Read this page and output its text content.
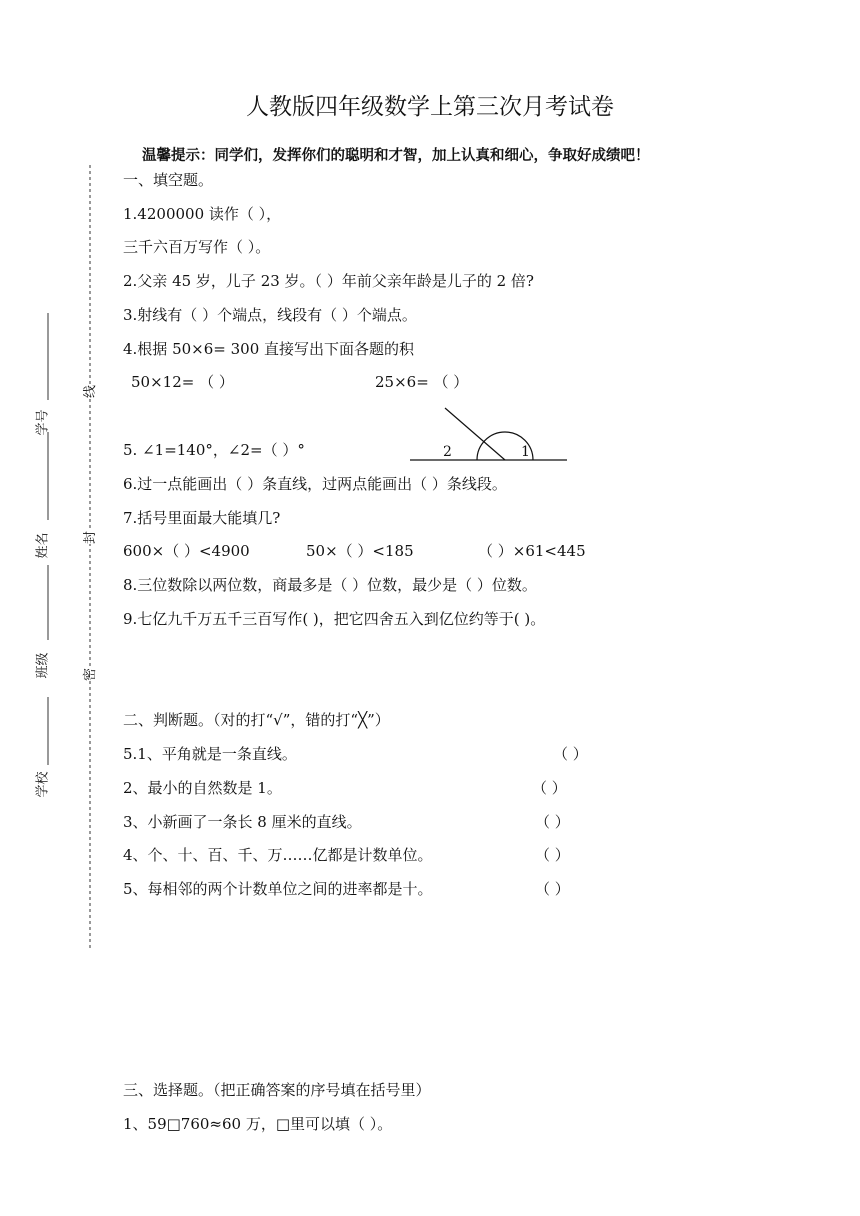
人教版四年级数学上第三次月考试卷
温馨提示：同学们，发挥你们的聪明和才智，加上认真和细心，争取好成绩吧！
学校
班级
姓名
学号
密
封
线
一、填空题。
1.4200000 读作（ ），
三千六百万写作（ ）。
2.父亲 45 岁，儿子 23 岁。（ ）年前父亲年龄是儿子的 2 倍?
3.射线有（ ）个端点，线段有（ ）个端点。
4.根据 50×6= 300 直接写出下面各题的积
50×12= （ ）	25×6= （ ）
5. ∠1=140°，∠2=（ ）°	2	1
6.过一点能画出（ ）条直线，过两点能画出（ ）条线段。
7.括号里面最大能填几?
600×（ ）<4900	50×（ ）<185	（ ）×61<445
8.三位数除以两位数，商最多是（ ）位数，最少是（ ）位数。
9.七亿九千万五千三百写作( )，把它四舍五入到亿位约等于( )。
二、判断题。（对的打“√”，错的打“╳”）
5.1、平角就是一条直线。	（ ）
2、最小的自然数是 1。	（ ）
3、小新画了一条长 8 厘米的直线。	（ ）
4、个、十、百、千、万……亿都是计数单位。	（ ）
5、每相邻的两个计数单位之间的进率都是十。	（ ）
三、选择题。（把正确答案的序号填在括号里）
1、59□760≈60 万，□里可以填（ ）。
